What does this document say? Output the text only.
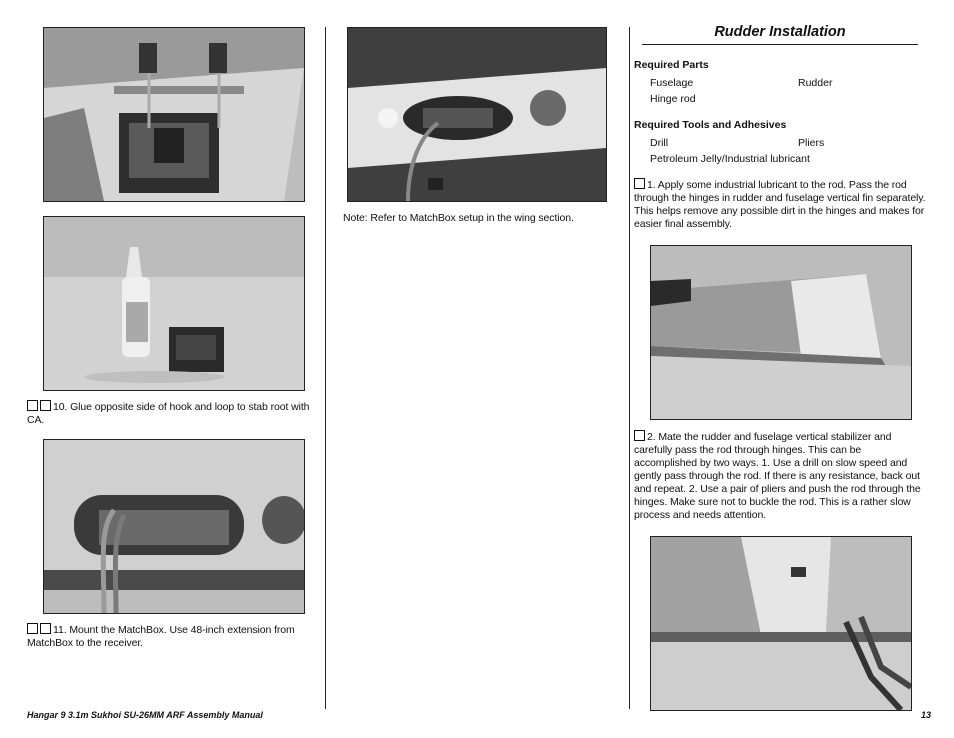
10. Glue opposite side of hook and loop to stab root with CA.
11. Mount the MatchBox. Use 48-inch extension from MatchBox to the receiver.
Note: Refer to MatchBox setup in the wing section.
Rudder Installation
Required Parts
Fuselage	Rudder
Hinge rod
Required Tools and Adhesives
Drill	Pliers
Petroleum Jelly/Industrial lubricant
1. Apply some industrial lubricant to the rod. Pass the rod through the hinges in rudder and fuselage vertical fin separately. This helps remove any possible dirt in the hinges and makes for easier final assembly.
2. Mate the rudder and fuselage vertical stabilizer and carefully pass the rod through hinges. This can be accomplished by two ways. 1. Use a drill on slow speed and gently pass through the rod. If there is any resistance, back out and repeat. 2. Use a pair of pliers and push the rod through the hinges. Make sure not to buckle the rod. This is a rather slow process and needs attention.
Hangar 9 3.1m Sukhoi SU-26MM ARF Assembly Manual	13
